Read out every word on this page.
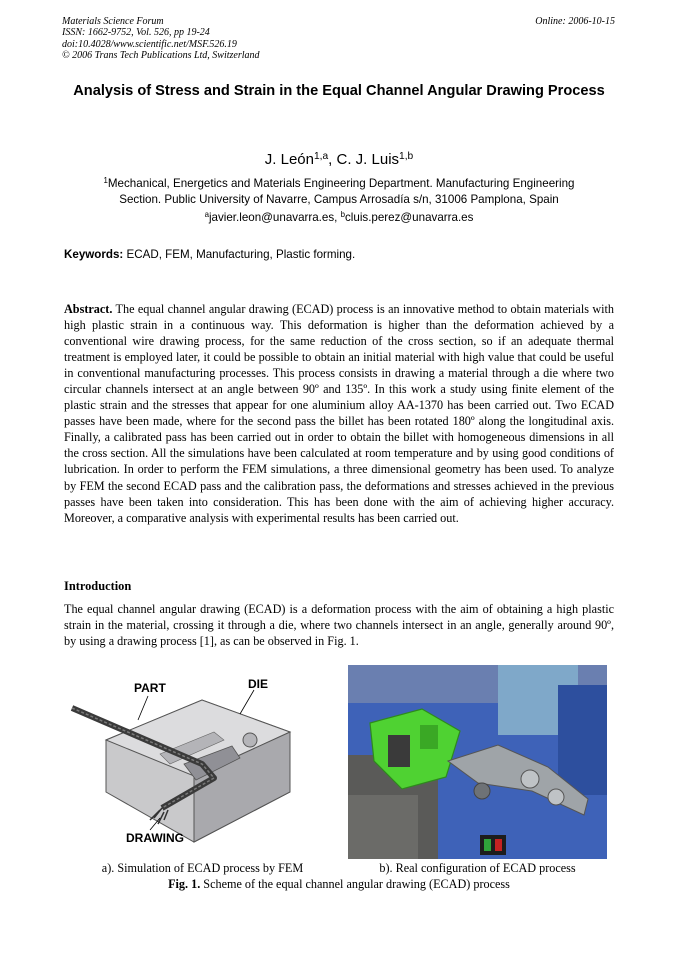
Materials Science Forum
ISSN: 1662-9752, Vol. 526, pp 19-24
doi:10.4028/www.scientific.net/MSF.526.19
© 2006 Trans Tech Publications Ltd, Switzerland
Online: 2006-10-15
Analysis of Stress and Strain in the Equal Channel Angular Drawing Process
J. León$^{1,a}$, C. J. Luis$^{1,b}$
$^1$Mechanical, Energetics and Materials Engineering Department. Manufacturing Engineering
Section. Public University of Navarre, Campus Arrosadía s/n, 31006 Pamplona, Spain
$^a$javier.leon@unavarra.es, $^b$cluis.perez@unavarra.es
Keywords: ECAD, FEM, Manufacturing, Plastic forming.
Abstract. The equal channel angular drawing (ECAD) process is an innovative method to obtain materials with high plastic strain in a continuous way. This deformation is higher than the deformation achieved by a conventional wire drawing process, for the same reduction of the cross section, so if an adequate thermal treatment is employed later, it could be possible to obtain an initial material with high value that could be useful in conventional manufacturing processes. This process consists in drawing a material through a die where two circular channels intersect at an angle between 90º and 135º. In this work a study using finite element of the plastic strain and the stresses that appear for one aluminium alloy AA-1370 has been carried out. Two ECAD passes have been made, where for the second pass the billet has been rotated 180º along the longitudinal axis. Finally, a calibrated pass has been carried out in order to obtain the billet with homogeneous dimensions in all the cross section. All the simulations have been calculated at room temperature and by using good conditions of lubrication. In order to perform the FEM simulations, a three dimensional geometry has been used. To analyze by FEM the second ECAD pass and the calibration pass, the deformations and stresses achieved in the previous passes have been taken into consideration. This has been done with the aim of achieving higher accuracy. Moreover, a comparative analysis with experimental results has been carried out.
Introduction
The equal channel angular drawing (ECAD) is a deformation process with the aim of obtaining a high plastic strain in the material, crossing it through a die, where two channels intersect in an angle, generally around 90º, by using a drawing process [1], as can be observed in Fig. 1.
PART	DIE
DRAWING
a). Simulation of ECAD process by FEM	b). Real configuration of ECAD process
Fig. 1. Scheme of the equal channel angular drawing (ECAD) process
